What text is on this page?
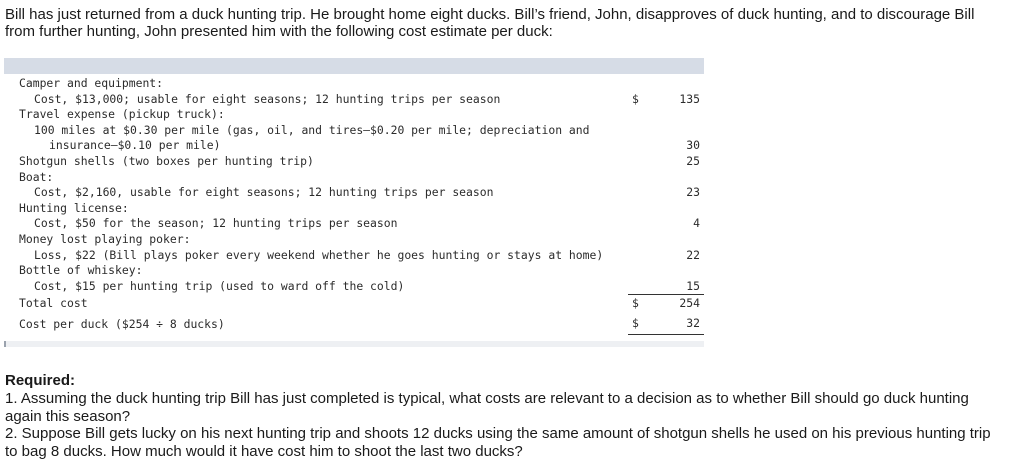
Bill has just returned from a duck hunting trip. He brought home eight ducks. Bill’s friend, John, disapproves of duck hunting, and to discourage Bill from further hunting, John presented him with the following cost estimate per duck:

Camper and equipment:		
Cost, $13,000; usable for eight seasons; 12 hunting trips per season	$	135
Travel expense (pickup truck):		
100 miles at $0.30 per mile (gas, oil, and tires—$0.20 per mile; depreciation and		
insurance—$0.10 per mile)		30
Shotgun shells (two boxes per hunting trip)		25
Boat:		
Cost, $2,160, usable for eight seasons; 12 hunting trips per season		23
Hunting license:		
Cost, $50 for the season; 12 hunting trips per season		4
Money lost playing poker:		
Loss, $22 (Bill plays poker every weekend whether he goes hunting or stays at home)		22
Bottle of whiskey:		
Cost, $15 per hunting trip (used to ward off the cold)		15
Total cost	$	254
Cost per duck ($254 ÷ 8 ducks)	$	32

Required:

1. Assuming the duck hunting trip Bill has just completed is typical, what costs are relevant to a decision as to whether Bill should go duck hunting again this season?

2. Suppose Bill gets lucky on his next hunting trip and shoots 12 ducks using the same amount of shotgun shells he used on his previous hunting trip to bag 8 ducks. How much would it have cost him to shoot the last two ducks?
